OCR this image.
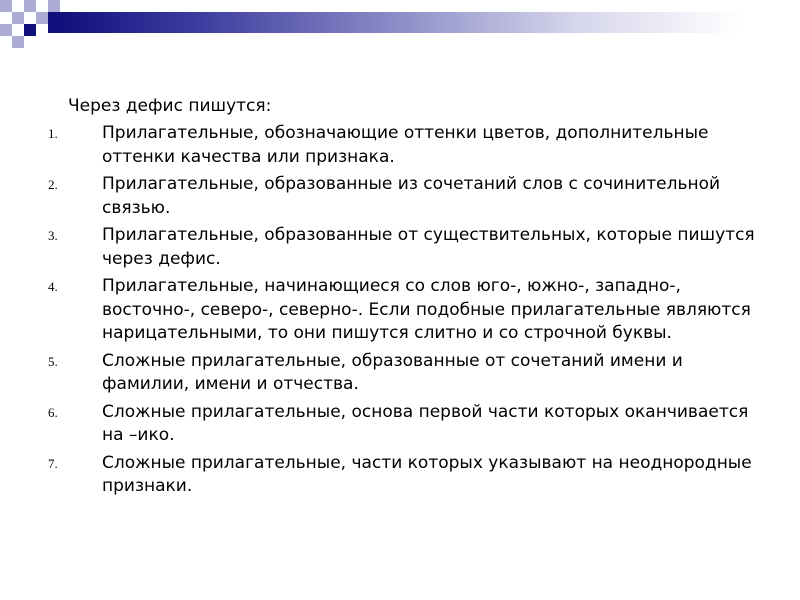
Через дефис пишутся:

1.	Прилагательные, обозначающие оттенки цветов, дополнительные оттенки качества или признака.
2.	Прилагательные, образованные из сочетаний слов с сочинительной связью.
3.	Прилагательные, образованные от существительных, которые пишутся через дефис.
4.	Прилагательные, начинающиеся со слов юго-, южно-, западно-, восточно-, северо-, северно-. Если подобные прилагательные являются нарицательными, то они пишутся слитно и со строчной буквы.
5.	Сложные прилагательные, образованные от сочетаний имени и фамилии, имени и отчества.
6.	Сложные прилагательные, основа первой части которых оканчивается на –ико.
7.	Сложные прилагательные, части которых указывают на неоднородные признаки.
